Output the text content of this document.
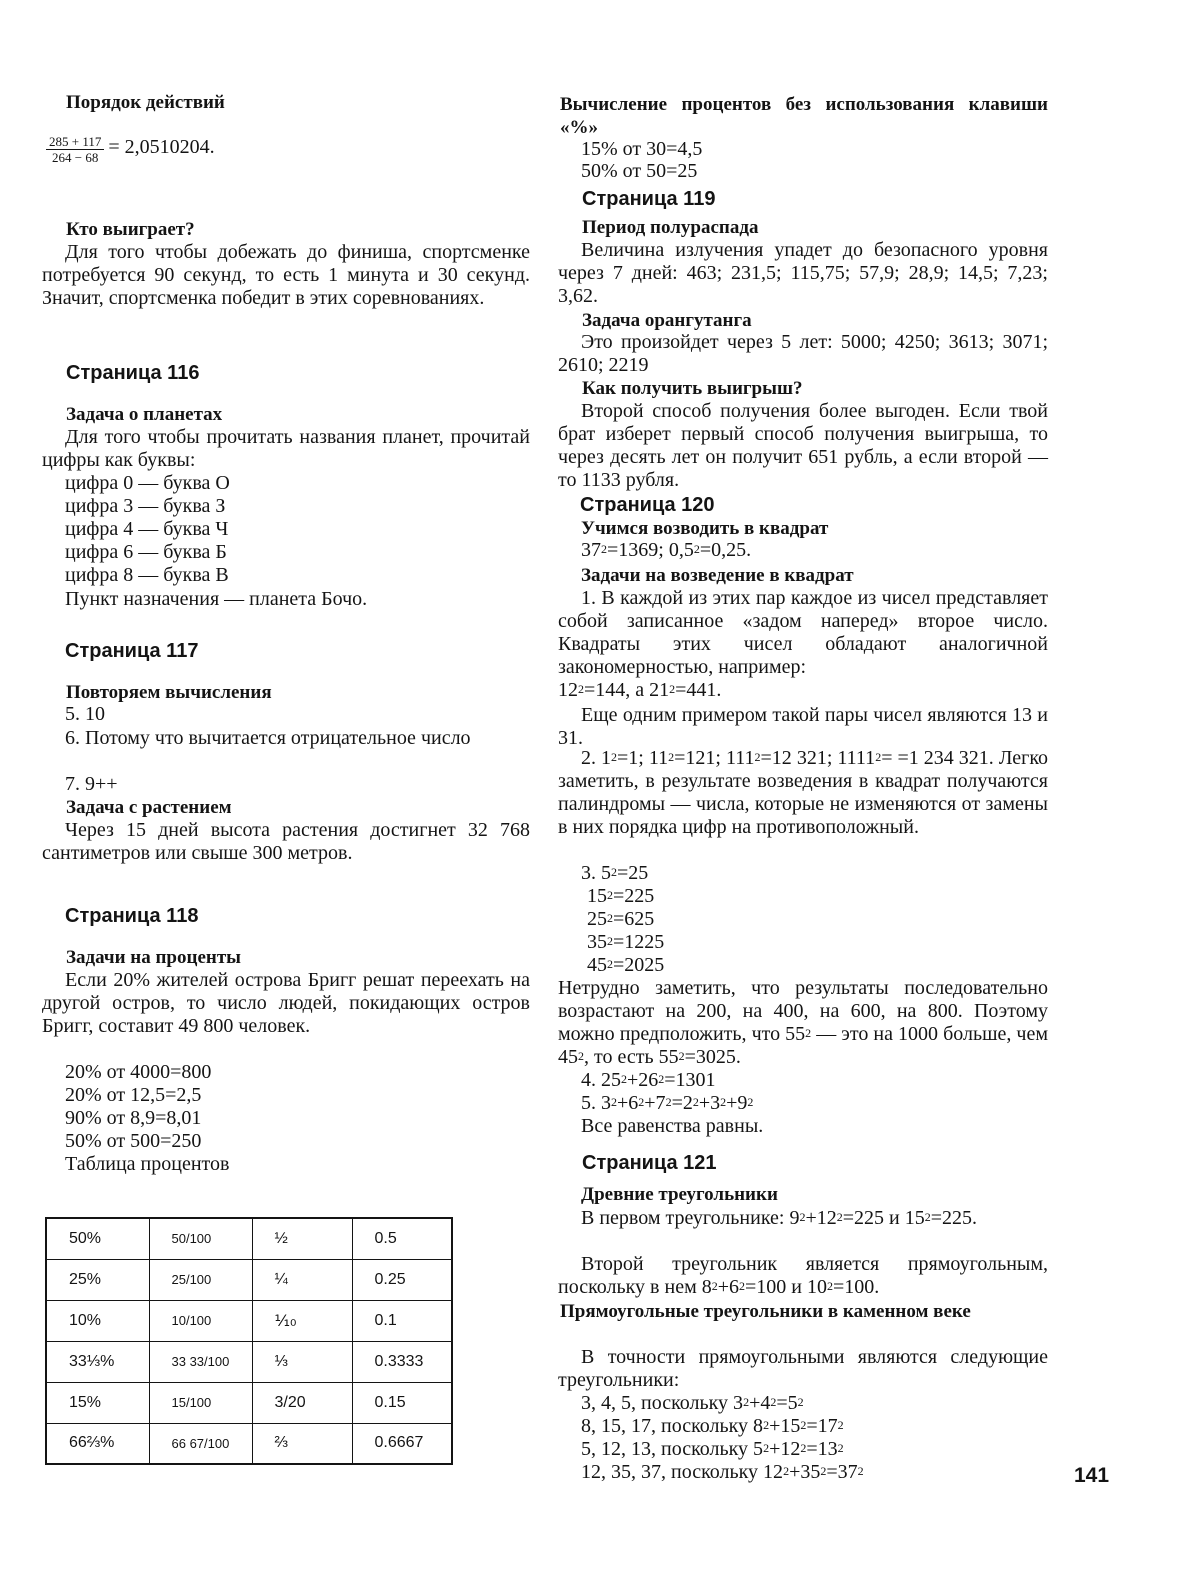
Порядок действий
$\frac{285 + 117}{264 - 68} = 2,0510204$.
Кто выиграет?
Для того чтобы добежать до финиша, спортсменке потребуется 90 секунд, то есть 1 минута и 30 секунд. Значит, спортсменка победит в этих соревнованиях.
Страница 116
Задача о планетах
Для того чтобы прочитать названия планет, прочитай цифры как буквы:
цифра 0 — буква О
цифра 3 — буква З
цифра 4 — буква Ч
цифра 6 — буква Б
цифра 8 — буква В
Пункт назначения — планета Бочо.
Страница 117
Повторяем вычисления
5. 10
6. Потому что вычитается отрицательное число
7. 9++
Задача с растением
Через 15 дней высота растения достигнет 32 768 сантиметров или свыше 300 метров.
Страница 118
Задачи на проценты
Если 20% жителей острова Бригг решат переехать на другой остров, то число людей, покидающих остров Бригг, составит 49 800 человек.
20% от 4000=800
20% от 12,5=2,5
90% от 8,9=8,01
50% от 500=250
Таблица процентов
50%	50/100	½	0.5
25%	25/100	¼	0.25
10%	10/100	⅒	0.1
33⅓%	33 33/100	⅓	0.3333
15%	15/100	3/20	0.15
66⅔%	66 67/100	⅔	0.6667
Вычисление процентов без использования клавиши «%»
15% от 30=4,5
50% от 50=25
Страница 119
Период полураспада
Величина излучения упадет до безопасного уровня через 7 дней: 463; 231,5; 115,75; 57,9; 28,9; 14,5; 7,23; 3,62.
Задача орангутанга
Это произойдет через 5 лет: 5000; 4250; 3613; 3071; 2610; 2219
Как получить выигрыш?
Второй способ получения более выгоден. Если твой брат изберет первый способ получения выигрыша, то через десять лет он получит 651 рубль, а если второй — то 1133 рубля.
Страница 120
Учимся возводить в квадрат
$37^2=1369$; $0,5^2=0,25$.
Задачи на возведение в квадрат
1. В каждой из этих пар каждое из чисел представляет собой записанное «задом наперед» второе число. Квадраты этих чисел обладают аналогичной закономерностью, например:
$12^2=144$, а $21^2=441$.
Еще одним примером такой пары чисел являются 13 и 31.
2. $1^2=1$; $11^2=121$; $111^2=12$ 321; $1111^2= =1$ 234 321. Легко заметить, в результате возведения в квадрат получаются палиндромы — числа, которые не изменяются от замены в них порядка цифр на противоположный.
3. $5^2=25$
$15^2=225$
$25^2=625$
$35^2=1225$
$45^2=2025$
Нетрудно заметить, что результаты последовательно возрастают на 200, на 400, на 600, на 800. Поэтому можно предположить, что $55^2$ — это на 1000 больше, чем $45^2$, то есть $55^2=3025$.
4. $25^2+26^2=1301$
5. $3^2+6^2+7^2=2^2+3^2+9^2$
Все равенства равны.
Страница 121
Древние треугольники
В первом треугольнике: $9^2+12^2=225$ и $15^2=225$.
Второй треугольник является прямоугольным, поскольку в нем $8^2+6^2=100$ и $10^2=100$.
Прямоугольные треугольники в каменном веке
В точности прямоугольными являются следующие треугольники:
3, 4, 5, поскольку $3^2+4^2=5^2$
8, 15, 17, поскольку $8^2+15^2=17^2$
5, 12, 13, поскольку $5^2+12^2=13^2$
12, 35, 37, поскольку $12^2+35^2=37^2$	141
